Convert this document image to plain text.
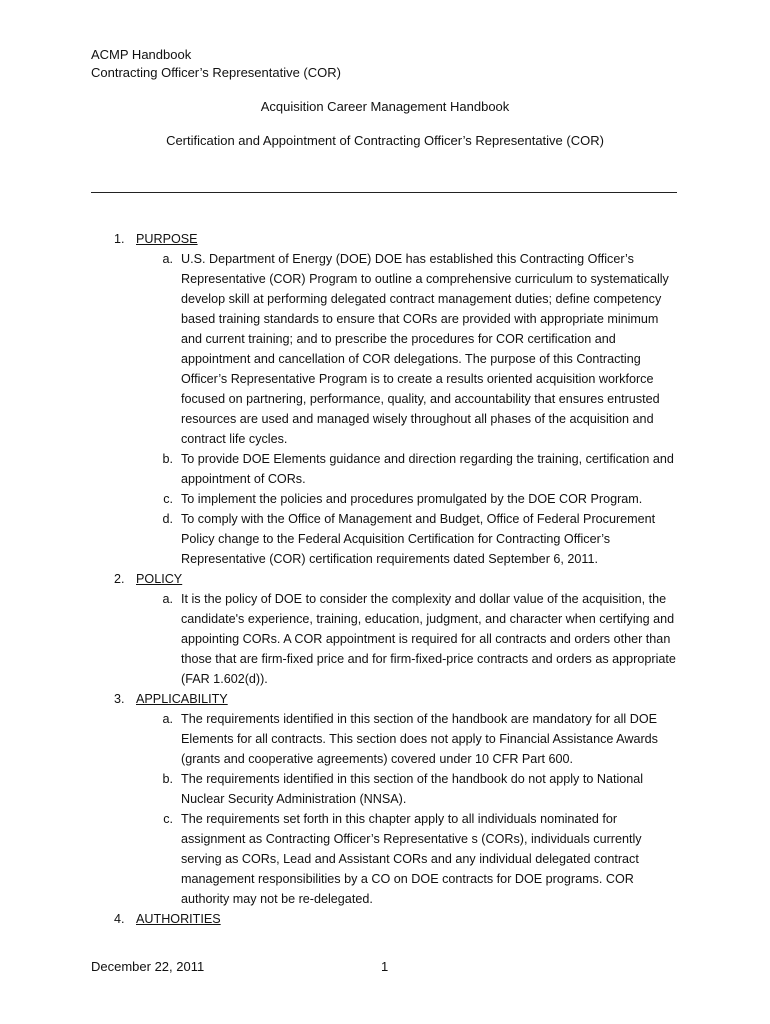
ACMP Handbook
Contracting Officer’s Representative (COR)
Acquisition Career Management Handbook
Certification and Appointment of Contracting Officer’s Representative (COR)
1. PURPOSE
a. U.S. Department of Energy (DOE) DOE has established this Contracting Officer’s Representative (COR) Program to outline a comprehensive curriculum to systematically develop skill at performing delegated contract management duties; define competency based training standards to ensure that CORs are provided with appropriate minimum and current training; and to prescribe the procedures for COR certification and appointment and cancellation of COR delegations. The purpose of this Contracting Officer’s Representative Program is to create a results oriented acquisition workforce focused on partnering, performance, quality, and accountability that ensures entrusted resources are used and managed wisely throughout all phases of the acquisition and contract life cycles.
b. To provide DOE Elements guidance and direction regarding the training, certification and appointment of CORs.
c. To implement the policies and procedures promulgated by the DOE COR Program.
d. To comply with the Office of Management and Budget, Office of Federal Procurement Policy change to the Federal Acquisition Certification for Contracting Officer’s Representative (COR) certification requirements dated September 6, 2011.
2. POLICY
a. It is the policy of DOE to consider the complexity and dollar value of the acquisition, the candidate's experience, training, education, judgment, and character when certifying and appointing CORs. A COR appointment is required for all contracts and orders other than those that are firm-fixed price and for firm-fixed-price contracts and orders as appropriate (FAR 1.602(d)).
3. APPLICABILITY
a. The requirements identified in this section of the handbook are mandatory for all DOE Elements for all contracts. This section does not apply to Financial Assistance Awards (grants and cooperative agreements) covered under 10 CFR Part 600.
b. The requirements identified in this section of the handbook do not apply to National Nuclear Security Administration (NNSA).
c. The requirements set forth in this chapter apply to all individuals nominated for assignment as Contracting Officer’s Representative s (CORs), individuals currently serving as CORs, Lead and Assistant CORs and any individual delegated contract management responsibilities by a CO on DOE contracts for DOE programs. COR authority may not be re-delegated.
4. AUTHORITIES
December 22, 2011	1
